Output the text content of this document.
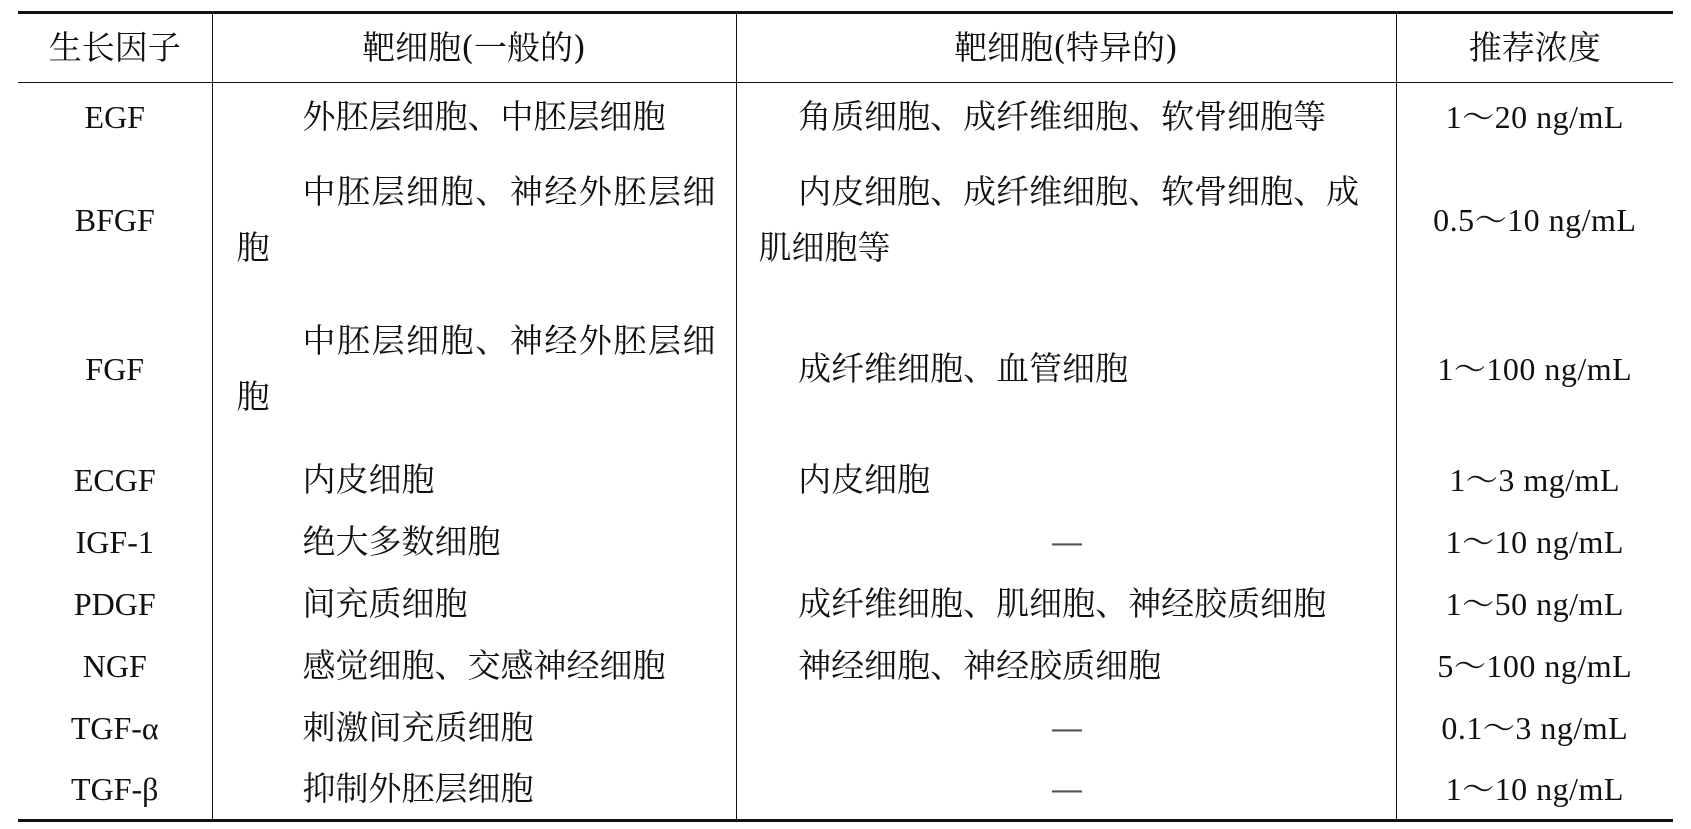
生长因子	靶细胞(一般的)	靶细胞(特异的)	推荐浓度
EGF	外胚层细胞、中胚层细胞	角质细胞、成纤维细胞、软骨细胞等	1～20 ng/mL
BFGF	中胚层细胞、神经外胚层细胞	内皮细胞、成纤维细胞、软骨细胞、成肌细胞等	0.5～10 ng/mL
FGF	中胚层细胞、神经外胚层细胞	成纤维细胞、血管细胞	1～100 ng/mL
ECGF	内皮细胞	内皮细胞	1～3 mg/mL
IGF-1	绝大多数细胞	—	1～10 ng/mL
PDGF	间充质细胞	成纤维细胞、肌细胞、神经胶质细胞	1～50 ng/mL
NGF	感觉细胞、交感神经细胞	神经细胞、神经胶质细胞	5～100 ng/mL
TGF-α	刺激间充质细胞	—	0.1～3 ng/mL
TGF-β	抑制外胚层细胞	—	1～10 ng/mL
